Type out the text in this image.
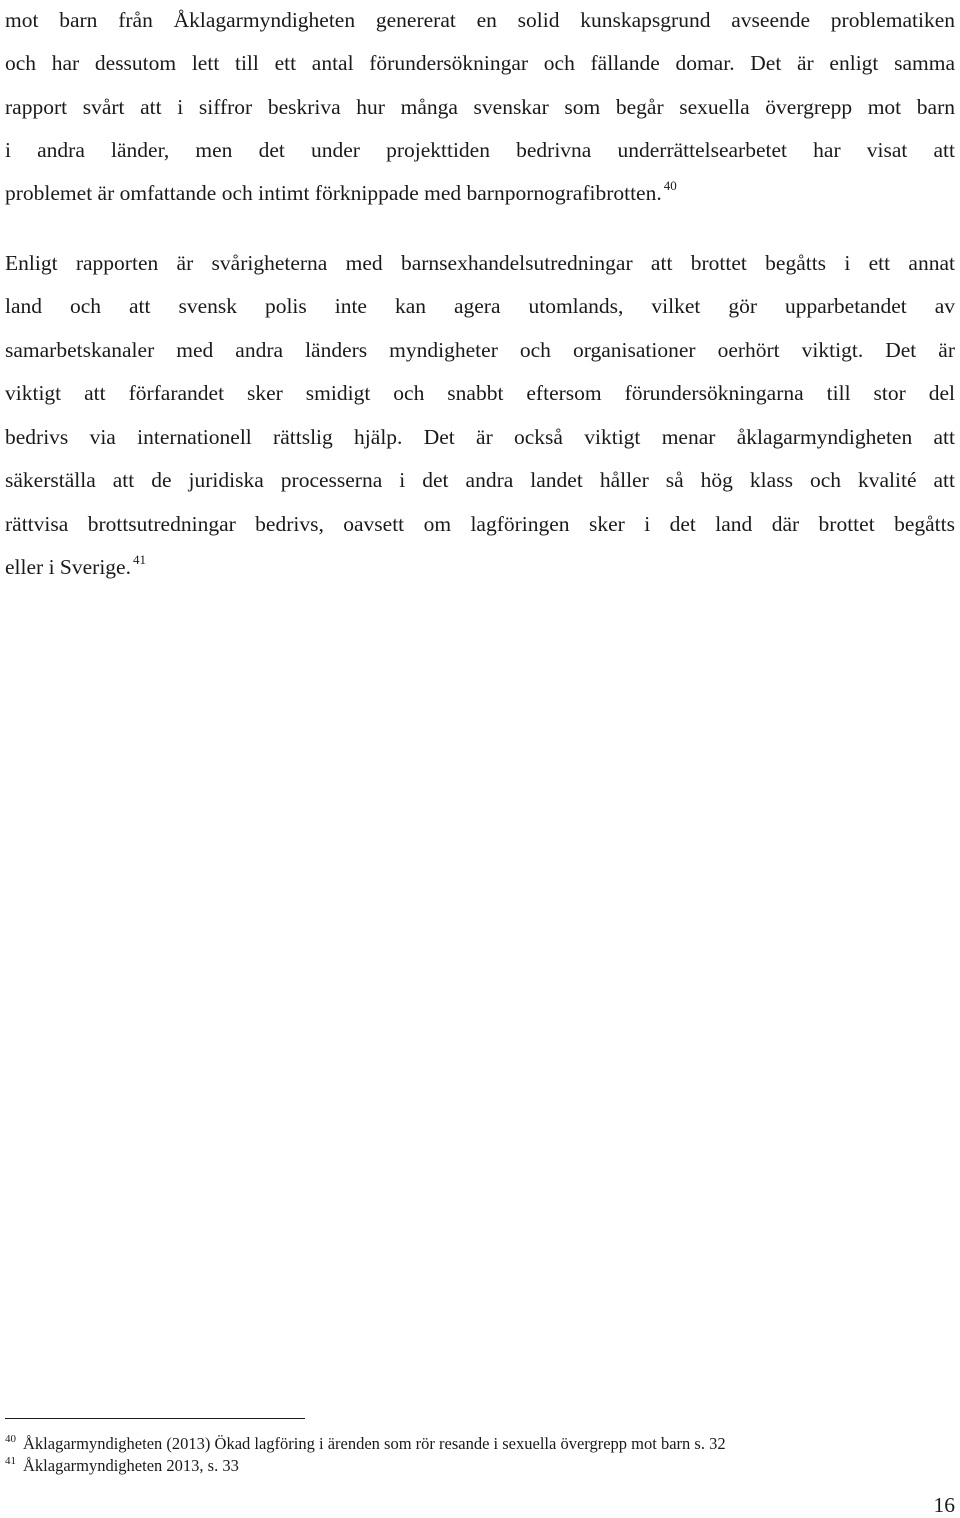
mot barn från Åklagarmyndigheten genererat en solid kunskapsgrund avseende problematiken
och har dessutom lett till ett antal förundersökningar och fällande domar. Det är enligt samma
rapport svårt att i siffror beskriva hur många svenskar som begår sexuella övergrepp mot barn
i andra länder, men det under projekttiden bedrivna underrättelsearbetet har visat att
problemet är omfattande och intimt förknippade med barnpornografibrotten. $^{40}$
Enligt rapporten är svårigheterna med barnsexhandelsutredningar att brottet begåtts i ett annat
land och att svensk polis inte kan agera utomlands, vilket gör upparbetandet av
samarbetskanaler med andra länders myndigheter och organisationer oerhört viktigt. Det är
viktigt att förfarandet sker smidigt och snabbt eftersom förundersökningarna till stor del
bedrivs via internationell rättslig hjälp. Det är också viktigt menar åklagarmyndigheten att
säkerställa att de juridiska processerna i det andra landet håller så hög klass och kvalité att
rättvisa brottsutredningar bedrivs, oavsett om lagföringen sker i det land där brottet begåtts
eller i Sverige. $^{41}$
$^{40}$ Åklagarmyndigheten (2013) Ökad lagföring i ärenden som rör resande i sexuella övergrepp mot barn s. 32
$^{41}$ Åklagarmyndigheten 2013, s. 33
16
